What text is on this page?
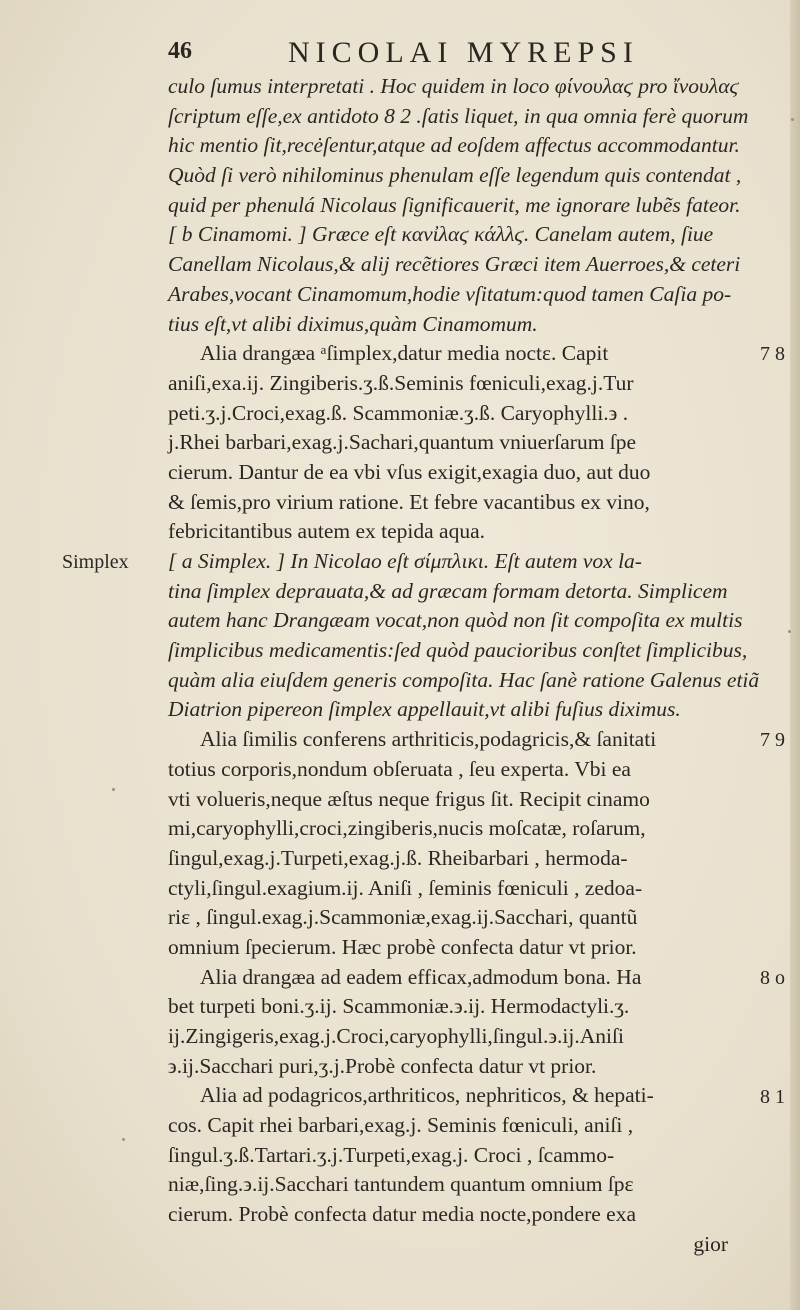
46	NICOLAI MYREPSI
culo ſumus interpretati . Hoc quidem in loco φίνουλαϛ pro ἴνουλαϛ
ſcriptum eſſe,ex antidoto 8 2 .ſatis liquet, in qua omnia ferè quorum
hic mentio ſit,recėſentur,atque ad eoſdem affectus accommodantur.
Quòd ſi verò nihilominus phenulam eſſe legendum quis contendat ,
quid per phenulá Nicolaus ſignificauerit, me ignorare lubẽs fateor.
[ b Cinamomi. ] Græce eſt κανἰλαϛ κάλλϛ. Canelam autem, ſiue
Canellam Nicolaus,& alij recẽtiores Græci item Auerroes,& ceteri
Arabes,vocant Cinamomum,hodie vſitatum:quod tamen Caſia po-
tius eſt,vt alibi diximus,quàm Cinamomum.
Alia drangæa ᵃſimplex,datur media noctε. Capit
aniſi,exa.ij. Zingiberis.ʒ.ß.Seminis fœniculi,exag.j.Tur
peti.ʒ.j.Croci,exag.ß. Scammoniæ.ʒ.ß. Caryophylli.϶ .
j.Rhei barbari,exag.j.Sachari,quantum vniuerſarum ſpe
cierum. Dantur de ea vbi vſus exigit,exagia duo, aut duo
& ſemis,pro virium ratione. Et febre vacantibus ex vino,
febricitantibus autem ex tepida aqua.
[ a Simplex. ] In Nicolao eſt σίμπλικι. Eſt autem vox la-
tina ſimplex deprauata,& ad græcam formam detorta. Simplicem
autem hanc Drangæam vocat,non quòd non ſit compoſita ex multis
ſimplicibus medicamentis:ſed quòd paucioribus conſtet ſimplicibus,
quàm alia eiuſdem generis compoſita. Hac ſanè ratione Galenus etiã
Diatrion pipereon ſimplex appellauit,vt alibi fuſius diximus.
Alia ſimilis conferens arthriticis,podagricis,& ſanitati
totius corporis,nondum obſeruata , ſeu experta. Vbi ea
vti volueris,neque æſtus neque frigus ſit. Recipit cinamo
mi,caryophylli,croci,zingiberis,nucis moſcatæ, roſarum,
ſingul,exag.j.Turpeti,exag.j.ß. Rheibarbari , hermoda-
ctyli,ſingul.exagium.ij. Aniſi , ſeminis fœniculi , zedoa-
riɛ , ſingul.exag.j.Scammoniæ,exag.ij.Sacchari, quantũ
omnium ſpecierum. Hæc probè confecta datur vt prior.
Alia drangæa ad eadem efficax,admodum bona. Ha
bet turpeti boni.ʒ.ij. Scammoniæ.϶.ij. Hermodactyli.ʒ.
ij.Zingigeris,exag.j.Croci,caryophylli,ſingul.϶.ij.Aniſi
϶.ij.Sacchari puri,ʒ.j.Probè confecta datur vt prior.
Alia ad podagricos,arthriticos, nephriticos, & hepati-
cos. Capit rhei barbari,exag.j. Seminis fœniculi, aniſi ,
ſingul.ʒ.ß.Tartari.ʒ.j.Turpeti,exag.j. Croci , ſcammo-
niæ,ſing.϶.ij.Sacchari tantundem quantum omnium ſpɛ
cierum. Probè confecta datur media nocte,pondere exa
gior
Simplex
7 8
7 9
8 o
8 1
